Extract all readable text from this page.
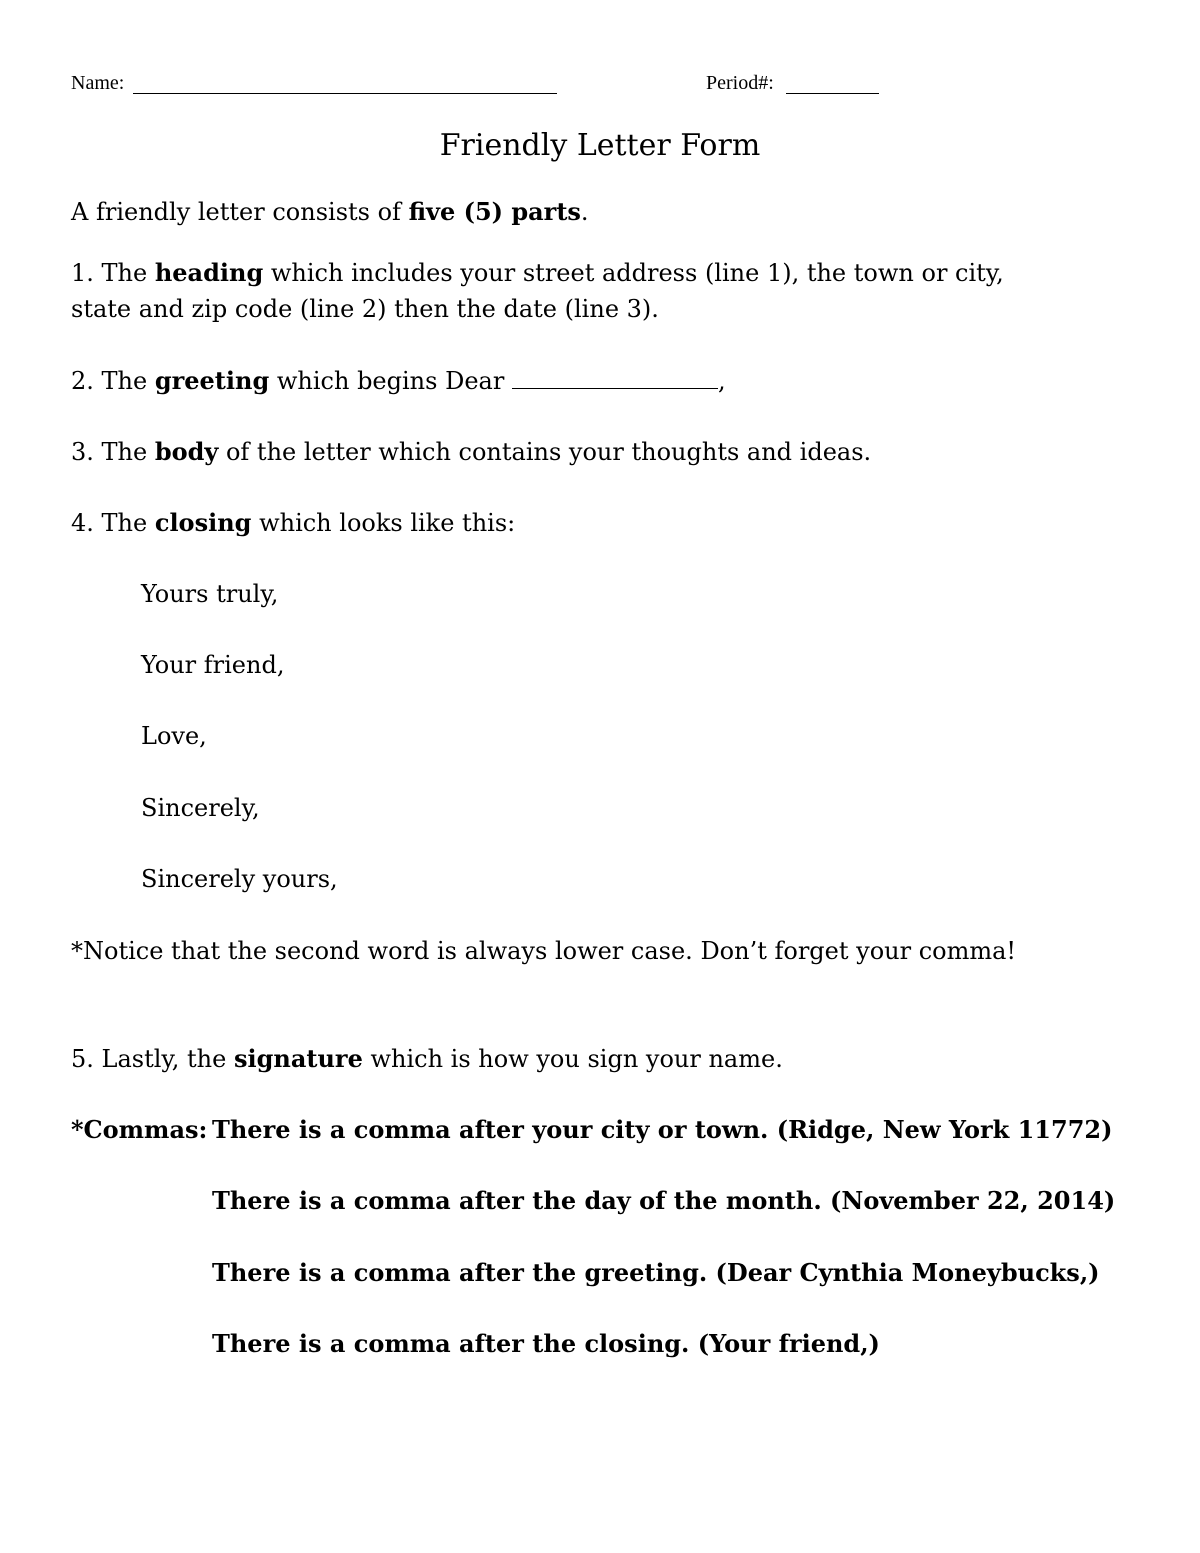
Name:	Period#:
Friendly Letter Form
A friendly letter consists of five (5) parts.
1. The heading which includes your street address (line 1), the town or city,
state and zip code (line 2) then the date (line 3).
2. The greeting which begins Dear	,
3. The body of the letter which contains your thoughts and ideas.
4. The closing which looks like this:
Yours truly,
Your friend,
Love,
Sincerely,
Sincerely yours,
*Notice that the second word is always lower case. Don’t forget your comma!
5. Lastly, the signature which is how you sign your name.
*Commas: There is a comma after your city or town. (Ridge, New York 11772)
There is a comma after the day of the month. (November 22, 2014)
There is a comma after the greeting. (Dear Cynthia Moneybucks,)
There is a comma after the closing. (Your friend,)
